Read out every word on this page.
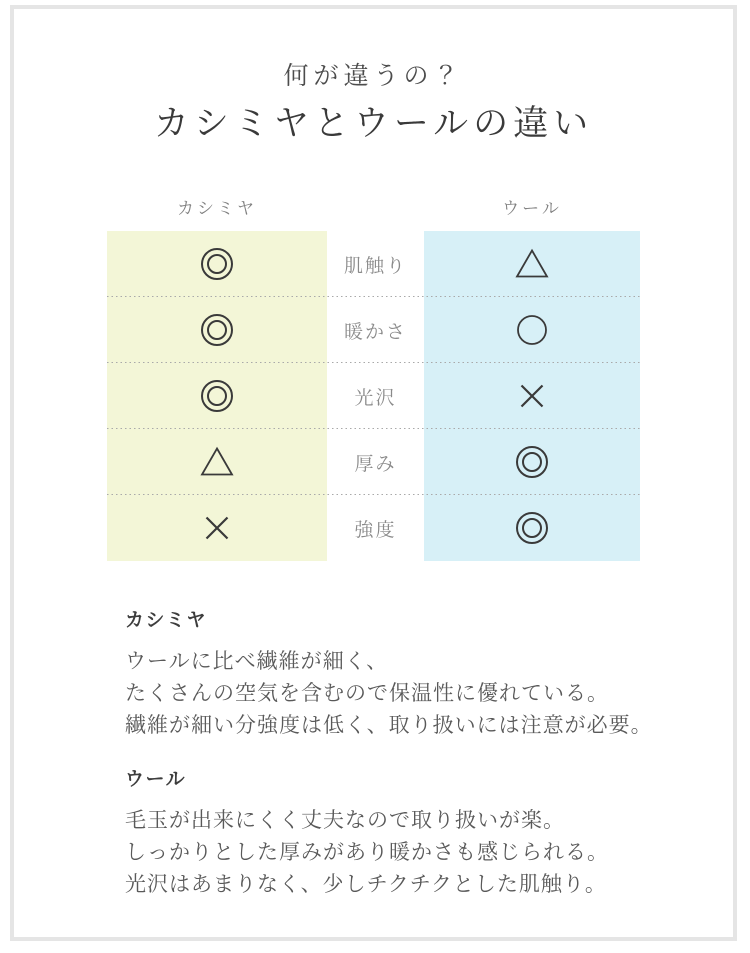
何が違うの？
カシミヤとウールの違い
カシミヤ	ウール
肌触り
暖かさ
光沢
厚み
強度
カシミヤ
ウールに比べ繊維が細く、
たくさんの空気を含むので保温性に優れている。
繊維が細い分強度は低く、取り扱いには注意が必要。
ウール
毛玉が出来にくく丈夫なので取り扱いが楽。
しっかりとした厚みがあり暖かさも感じられる。
光沢はあまりなく、少しチクチクとした肌触り。
